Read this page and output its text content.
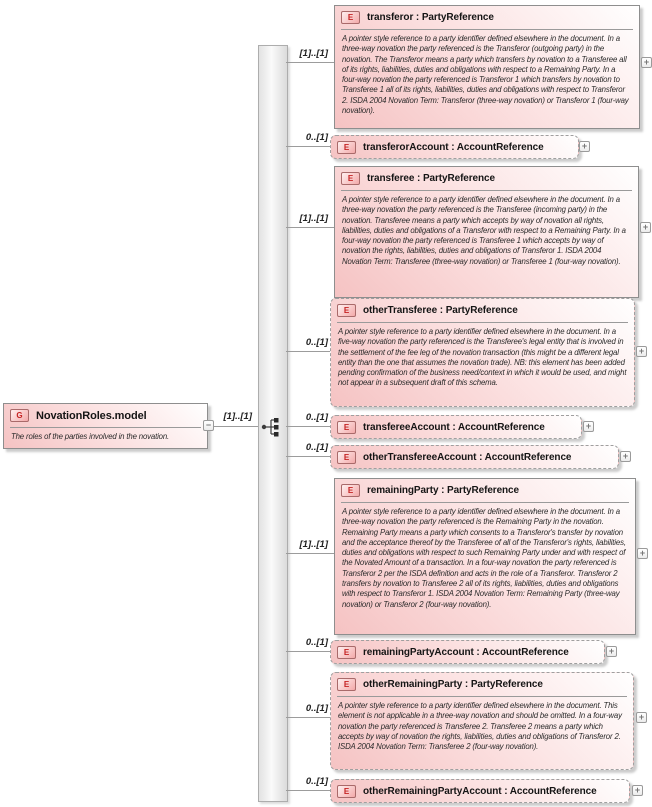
G	NovationRoles.model
The roles of the parties involved in the novation.
−
[1]..[1]
[1]..[1]
0..[1]
[1]..[1]
0..[1]
0..[1]
0..[1]
[1]..[1]
0..[1]
0..[1]
0..[1]
E	transferor : PartyReference
A pointer style reference to a party identifier defined elsewhere in the document. In a three-way novation the party referenced is the Transferor (outgoing party) in the novation. The Transferor means a party which transfers by novation to a Transferee all of its rights, liabilities, duties and obligations with respect to a Remaining Party. In a four-way novation the party referenced is Transferor 1 which transfers by novation to Transferee 1 all of its rights, liabilities, duties and obligations with respect to Transferor 2. ISDA 2004 Novation Term: Transferor (three-way novation) or Transferor 1 (four-way novation).
+
E	transferorAccount : AccountReference	+
E	transferee : PartyReference
A pointer style reference to a party identifier defined elsewhere in the document. In a three-way novation the party referenced is the Transferee (incoming party) in the novation. Transferee means a party which accepts by way of novation all rights, liabilities, duties and obligations of a Transferor with respect to a Remaining Party. In a four-way novation the party referenced is Transferee 1 which accepts by way of novation the rights, liabilities, duties and obligations of Transferor 1. ISDA 2004 Novation Term: Transferee (three-way novation) or Transferee 1 (four-way novation).
+
E	otherTransferee : PartyReference
A pointer style reference to a party identifier defined elsewhere in the document. In a five-way novation the party referenced is the Transferee's legal entity that is involved in the settlement of the fee leg of the novation transaction (this might be a different legal entity than the one that assumes the novation trade). NB: this element has been added pending confirmation of the business need/context in which it would be used, and might not appear in a subsequent draft of this schema.
+
E	transfereeAccount : AccountReference	+
E	otherTransfereeAccount : AccountReference	+
E	remainingParty : PartyReference
A pointer style reference to a party identifier defined elsewhere in the document. In a three-way novation the party referenced is the Remaining Party in the novation. Remaining Party means a party which consents to a Transferor's transfer by novation and the acceptance thereof by the Transferee of all of the Transferor's rights, liabilities, duties and obligations with respect to such Remaining Party under and with respect of the Novated Amount of a transaction. In a four-way novation the party referenced is Transferor 2 per the ISDA definition and acts in the role of a Transferor. Transferor 2 transfers by novation to Transferee 2 all of its rights, liabilities, duties and obligations with respect to Transferor 1. ISDA 2004 Novation Term: Remaining Party (three-way novation) or Transferor 2 (four-way novation).
+
E	remainingPartyAccount : AccountReference	+
E	otherRemainingParty : PartyReference
A pointer style reference to a party identifier defined elsewhere in the document. This element is not applicable in a three-way novation and should be omitted. In a four-way novation the party referenced is Transferee 2. Transferee 2 means a party which accepts by way of novation the rights, liabilities, duties and obligations of Transferor 2. ISDA 2004 Novation Term: Transferee 2 (four-way novation).
+
E	otherRemainingPartyAccount : AccountReference	+
